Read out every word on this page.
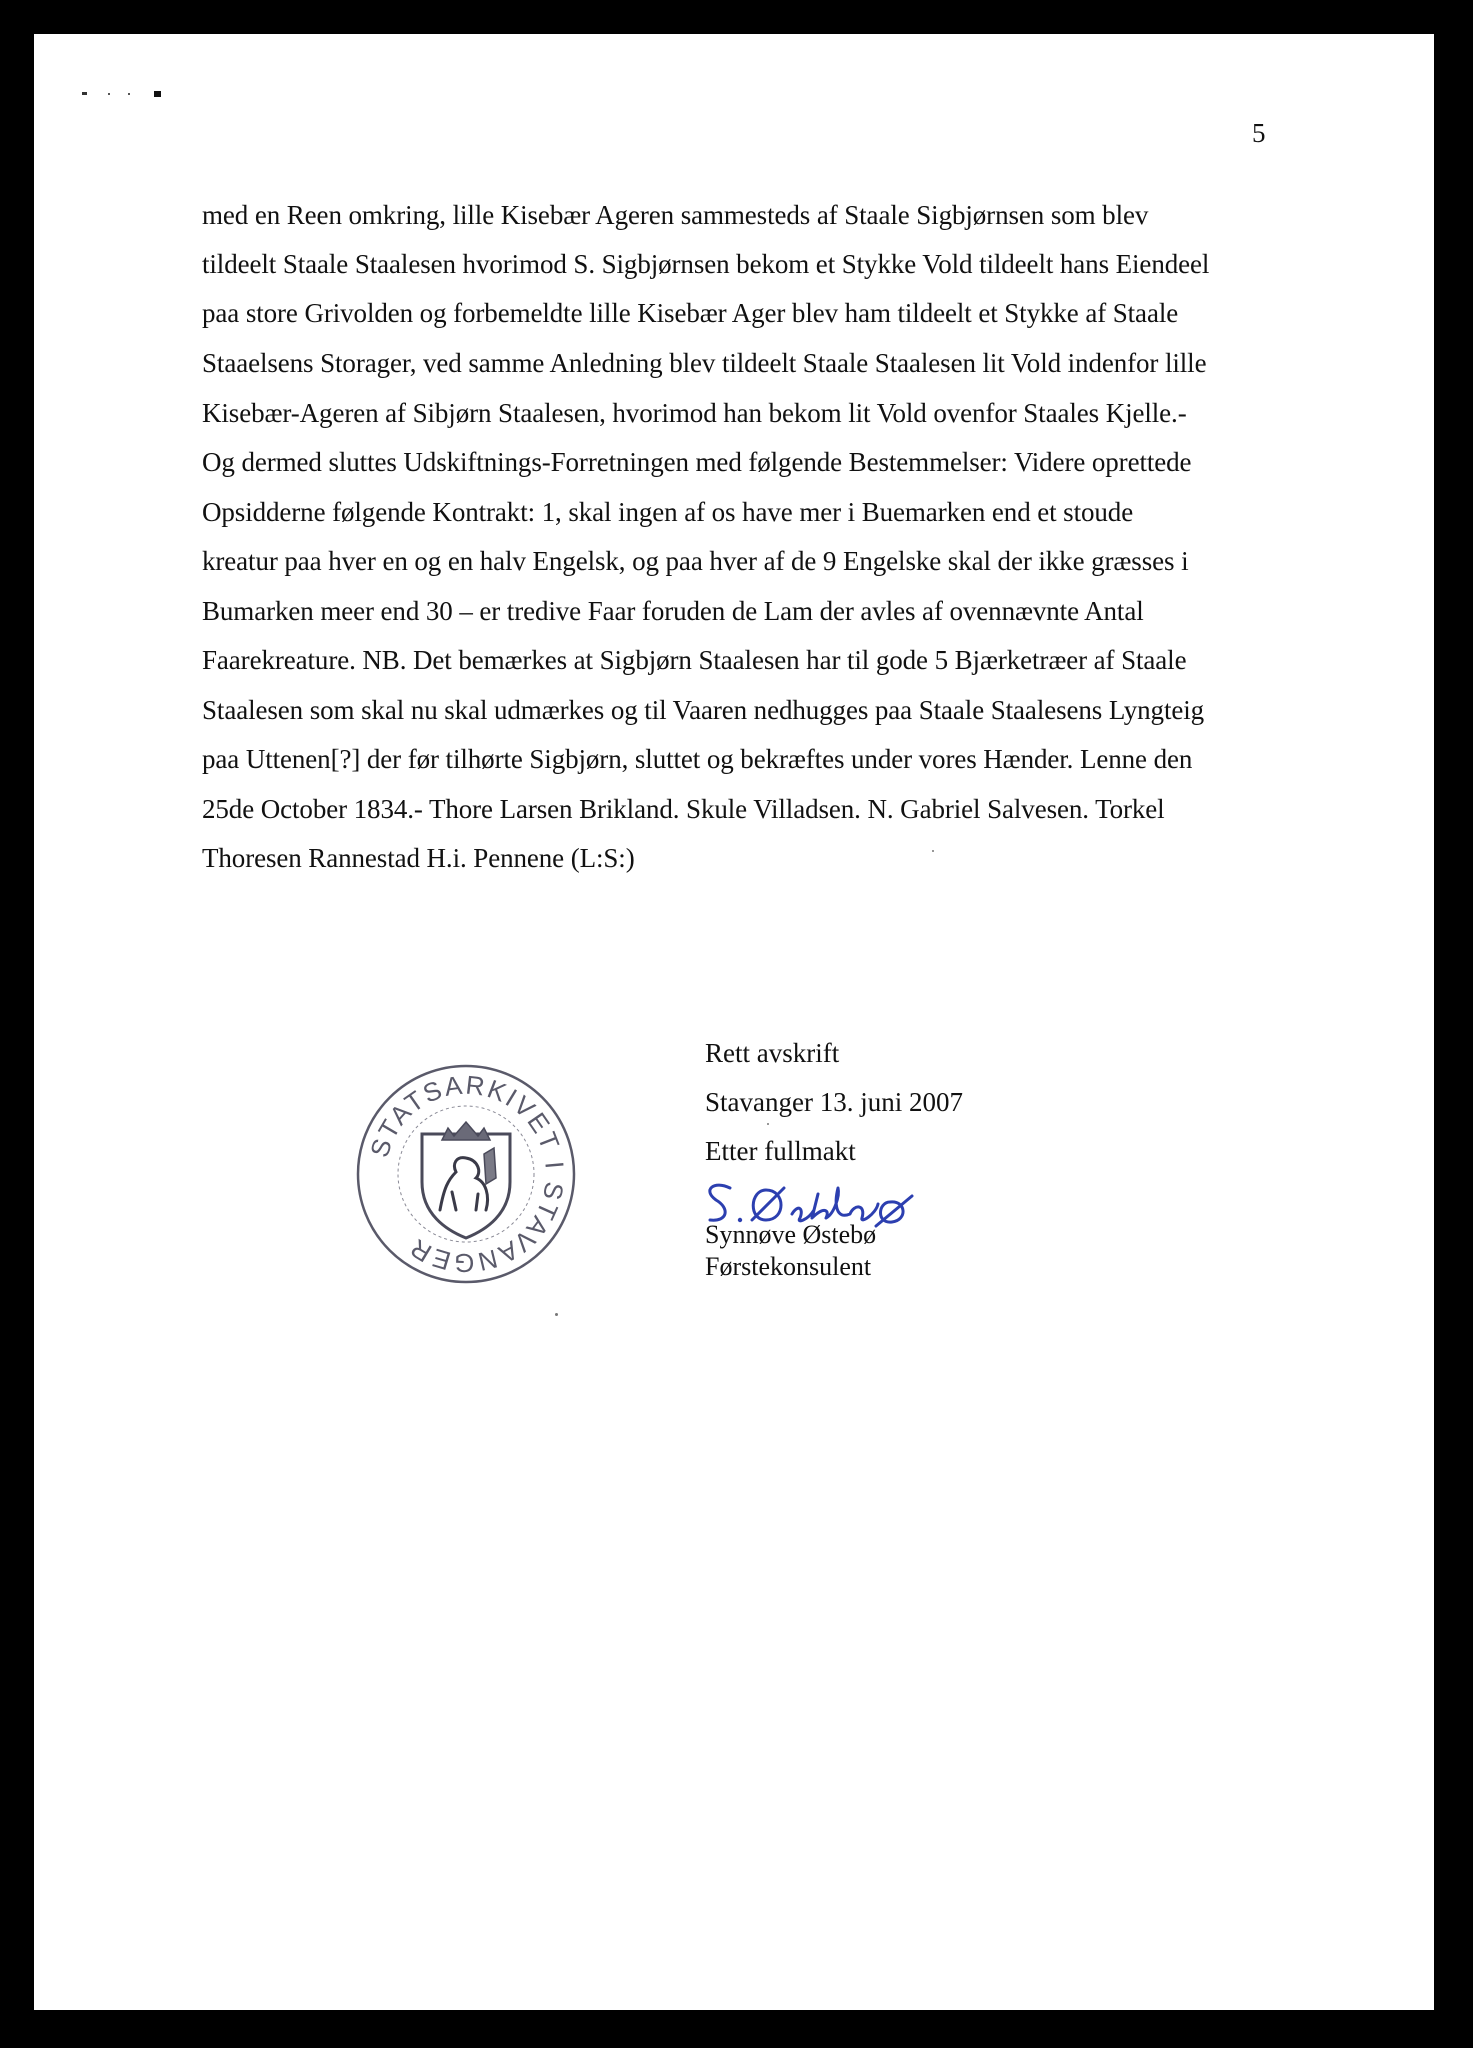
5
med en Reen omkring, lille Kisebær Ageren sammesteds af Staale Sigbjørnsen som blev
tildeelt Staale Staalesen hvorimod S. Sigbjørnsen bekom et Stykke Vold tildeelt hans Eiendeel
paa store Grivolden og forbemeldte lille Kisebær Ager blev ham tildeelt et Stykke af Staale
Staaelsens Storager, ved samme Anledning blev tildeelt Staale Staalesen lit Vold indenfor lille
Kisebær-Ageren af Sibjørn Staalesen, hvorimod han bekom lit Vold ovenfor Staales Kjelle.-
Og dermed sluttes Udskiftnings-Forretningen med følgende Bestemmelser: Videre oprettede
Opsidderne følgende Kontrakt: 1, skal ingen af os have mer i Buemarken end et stoude
kreatur paa hver en og en halv Engelsk, og paa hver af de 9 Engelske skal der ikke græsses i
Bumarken meer end 30 – er tredive Faar foruden de Lam der avles af ovennævnte Antal
Faarekreature. NB. Det bemærkes at Sigbjørn Staalesen har til gode 5 Bjærketræer af Staale
Staalesen som skal nu skal udmærkes og til Vaaren nedhugges paa Staale Staalesens Lyngteig
paa Uttenen[?] der før tilhørte Sigbjørn, sluttet og bekræftes under vores Hænder. Lenne den
25de October 1834.- Thore Larsen Brikland. Skule Villadsen. N. Gabriel Salvesen. Torkel
Thoresen Rannestad H.i. Pennene (L:S:)
Rett avskrift
Stavanger 13. juni 2007
Etter fullmakt
Synnøve Østebø
Førstekonsulent
STATSARKIVET I STAVANGER
